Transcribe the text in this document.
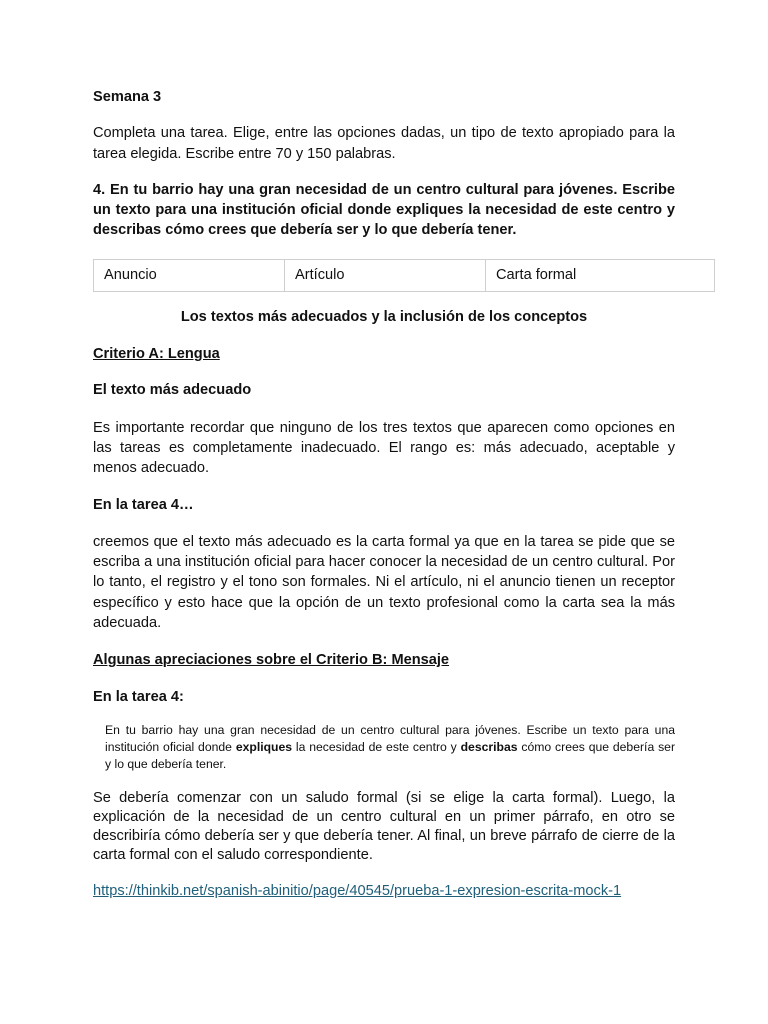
Semana 3

Completa una tarea. Elige, entre las opciones dadas, un tipo de texto apropiado para la tarea elegida. Escribe entre 70 y 150 palabras.

4. En tu barrio hay una gran necesidad de un centro cultural para jóvenes. Escribe un texto para una institución oficial donde expliques la necesidad de este centro y describas cómo crees que debería ser y lo que debería tener.

Anuncio	Artículo	Carta formal

Los textos más adecuados y la inclusión de los conceptos

Criterio A: Lengua

El texto más adecuado

Es importante recordar que ninguno de los tres textos que aparecen como opciones en las tareas es completamente inadecuado. El rango es: más adecuado, aceptable y menos adecuado.

En la tarea 4…

creemos que el texto más adecuado es la carta formal ya que en la tarea se pide que se escriba a una institución oficial para hacer conocer la necesidad de un centro cultural. Por lo tanto, el registro y el tono son formales. Ni el artículo, ni el anuncio tienen un receptor específico y esto hace que la opción de un texto profesional como la carta sea la más adecuada.

Algunas apreciaciones sobre el Criterio B: Mensaje

En la tarea 4:

En tu barrio hay una gran necesidad de un centro cultural para jóvenes. Escribe un texto para una institución oficial donde expliques la necesidad de este centro y describas cómo crees que debería ser y lo que debería tener.

Se debería comenzar con un saludo formal (si se elige la carta formal). Luego, la explicación de la necesidad de un centro cultural en un primer párrafo, en otro se describiría cómo debería ser y que debería tener. Al final, un breve párrafo de cierre de la carta formal con el saludo correspondiente.

https://thinkib.net/spanish-abinitio/page/40545/prueba-1-expresion-escrita-mock-1
